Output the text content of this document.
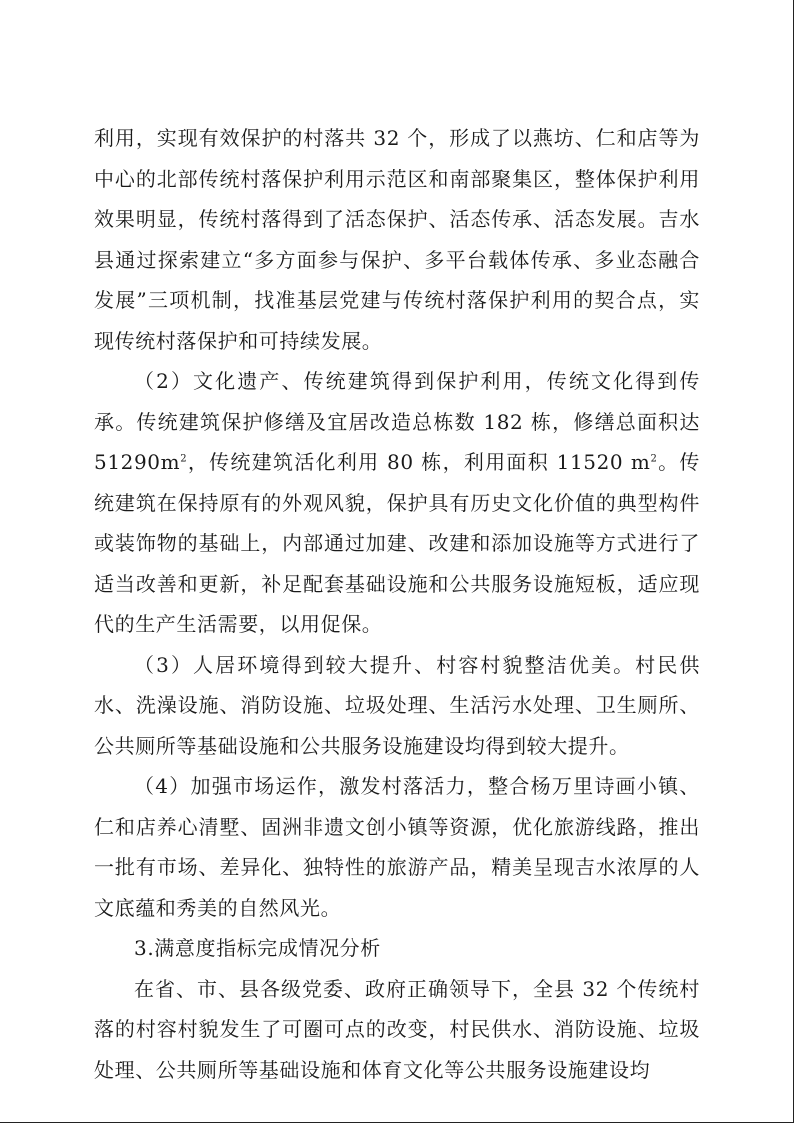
利用，实现有效保护的村落共 32 个，形成了以燕坊、仁和店等为中心的北部传统村落保护利用示范区和南部聚集区，整体保护利用效果明显，传统村落得到了活态保护、活态传承、活态发展。吉水县通过探索建立“多方面参与保护、多平台载体传承、多业态融合发展”三项机制，找准基层党建与传统村落保护利用的契合点，实现传统村落保护和可持续发展。

（2）文化遗产、传统建筑得到保护利用，传统文化得到传承。传统建筑保护修缮及宜居改造总栋数 182 栋，修缮总面积达 $51290m^2$，传统建筑活化利用 80 栋，利用面积 11520 $m^2$。传统建筑在保持原有的外观风貌，保护具有历史文化价值的典型构件或装饰物的基础上，内部通过加建、改建和添加设施等方式进行了适当改善和更新，补足配套基础设施和公共服务设施短板，适应现代的生产生活需要，以用促保。

（3）人居环境得到较大提升、村容村貌整洁优美。村民供水、洗澡设施、消防设施、垃圾处理、生活污水处理、卫生厕所、公共厕所等基础设施和公共服务设施建设均得到较大提升。

（4）加强市场运作，激发村落活力，整合杨万里诗画小镇、仁和店养心清墅、固洲非遗文创小镇等资源，优化旅游线路，推出一批有市场、差异化、独特性的旅游产品，精美呈现吉水浓厚的人文底蕴和秀美的自然风光。

3.满意度指标完成情况分析

在省、市、县各级党委、政府正确领导下，全县 32 个传统村落的村容村貌发生了可圈可点的改变，村民供水、消防设施、垃圾处理、公共厕所等基础设施和体育文化等公共服务设施建设均
